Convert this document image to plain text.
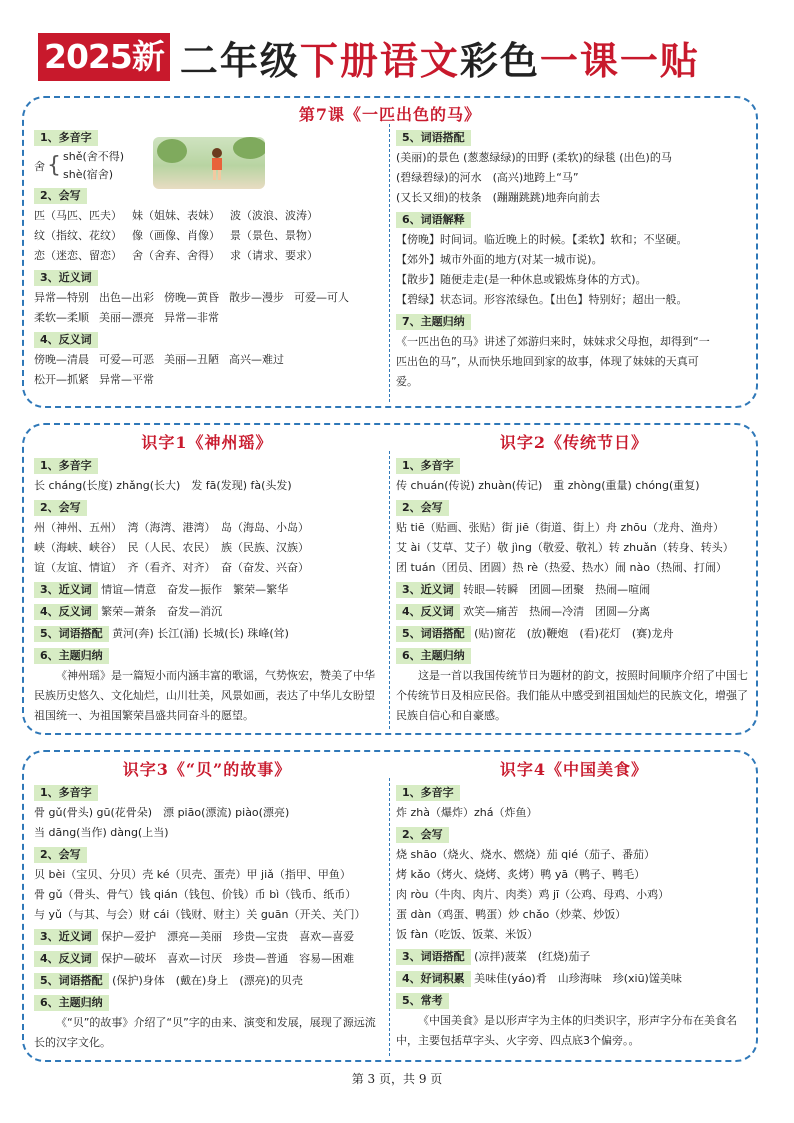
2025新 二年级下册语文彩色一课一贴
第7课《一匹出色的马》
1、多音字
舍 { shě(舍不得)
shè(宿舍)
2、会写
匹（马匹、匹夫） 妹（姐妹、表妹） 波（波浪、波涛）
纹（指纹、花纹） 像（画像、肖像） 景（景色、景物）
恋（迷恋、留恋） 舍（舍弃、舍得） 求（请求、要求）
3、近义词
异常—特别 出色—出彩 傍晚—黄昏 散步—漫步 可爱—可人
柔软—柔顺 美丽—漂亮 异常—非常
4、反义词
傍晚—清晨 可爱—可恶 美丽—丑陋 高兴—难过
松开—抓紧 异常—平常
5、词语搭配
(美丽)的景色 (葱葱绿绿)的田野 (柔软)的绿毯 (出色)的马
(碧绿碧绿)的河水　(高兴)地跨上“马”
(又长又细)的枝条　(蹦蹦跳跳)地奔向前去
6、词语解释
【傍晚】时间词。临近晚上的时候。【柔软】软和；不坚硬。
【郊外】城市外面的地方(对某一城市说)。
【散步】随便走走(是一种休息或锻炼身体的方式)。
【碧绿】状态词。形容浓绿色。【出色】特别好；超出一般。
7、主题归纳
《一匹出色的马》讲述了郊游归来时，妹妹求父母抱，却得到“一
匹出色的马”，从而快乐地回到家的故事，体现了妹妹的天真可
爱。
识字1《神州瑶》	识字2《传统节日》
1、多音字
长 cháng(长度) zhǎng(长大)　发 fā(发现) fà(头发)
2、会写
州（神州、五州）　湾（海湾、港湾）　岛（海岛、小岛）
峡（海峡、峡谷）　民（人民、农民）　族（民族、汉族）
谊（友谊、情谊）　齐（看齐、对齐）　奋（奋发、兴奋）
3、近义词 情谊—情意　奋发—振作　繁荣—繁华
4、反义词 繁荣—萧条　奋发—消沉
5、词语搭配 黄河(奔) 长江(涌) 长城(长) 珠峰(耸)
6、主题归纳
《神州瑶》是一篇短小而内涵丰富的歌谣，气势恢宏，赞美了中华民族历史悠久、文化灿烂，山川壮美，风景如画，表达了中华儿女盼望祖国统一、为祖国繁荣昌盛共同奋斗的愿望。
1、多音字
传 chuán(传说) zhuàn(传记)　重 zhòng(重量) chóng(重复)
2、会写
贴 tiē（贴画、张贴）街 jiē（街道、街上）舟 zhōu（龙舟、渔舟）
艾 ài（艾草、艾子）敬 jìng（敬爱、敬礼）转 zhuǎn（转身、转头）
团 tuán（团员、团圆）热 rè（热爱、热水）闹 nào（热闹、打闹）
3、近义词 转眼—转瞬　团圆—团聚　热闹—喧闹
4、反义词 欢笑—痛苦　热闹—冷清　团圆—分离
5、词语搭配 (贴)窗花　(放)鞭炮　(看)花灯　(赛)龙舟
6、主题归纳
这是一首以我国传统节日为题材的韵文，按照时间顺序介绍了中国七个传统节日及相应民俗。我们能从中感受到祖国灿烂的民族文化，增强了民族自信心和自豪感。
识字3《“贝”的故事》	识字4《中国美食》
1、多音字
骨 gǔ(骨头) gū(花骨朵)　漂 piāo(漂流) piào(漂亮)
当 dāng(当作) dàng(上当)
2、会写
贝 bèi（宝贝、分贝）壳 ké（贝壳、蛋壳）甲 jiǎ（指甲、甲鱼）
骨 gǔ（骨头、骨气）钱 qián（钱包、价钱）币 bì（钱币、纸币）
与 yǔ（与其、与会）财 cái（钱财、财主）关 guān（开关、关门）
3、近义词 保护—爱护　漂亮—美丽　珍贵—宝贵　喜欢—喜爱
4、反义词 保护—破坏　喜欢—讨厌　珍贵—普通　容易—困难
5、词语搭配 (保护)身体　(戴在)身上　(漂亮)的贝壳
6、主题归纳
《“贝”的故事》介绍了“贝”字的由来、演变和发展，展现了源远流长的汉字文化。
1、多音字
炸 zhà（爆炸）zhá（炸鱼）
2、会写
烧 shāo（烧火、烧水、燃烧）茄 qié（茄子、番茄）
烤 kǎo（烤火、烧烤、炙烤）鸭 yā（鸭子、鸭毛）
肉 ròu（牛肉、肉片、肉类）鸡 jī（公鸡、母鸡、小鸡）
蛋 dàn（鸡蛋、鸭蛋）炒 chǎo（炒菜、炒饭）
饭 fàn（吃饭、饭菜、米饭）
3、词语搭配 (凉拌)菠菜　(红烧)茄子
4、好词积累 美味佳(yáo)肴　山珍海味　珍(xiū)馐美味
5、常考
《中国美食》是以形声字为主体的归类识字，形声字分布在美食名中，主要包括草字头、火字旁、四点底3个偏旁。。
第 3 页，共 9 页
